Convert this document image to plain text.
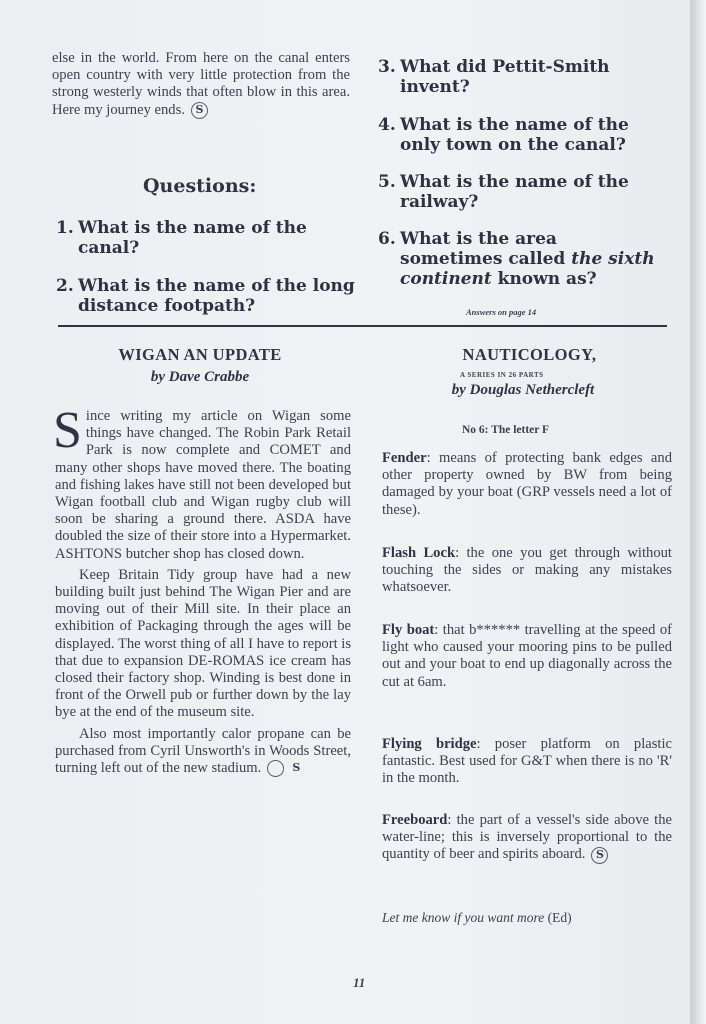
else in the world. From here on the canal enters open country with very little protection from the strong westerly winds that often blow in this area. Here my journey ends. S

Questions:
1. What is the name of the canal?
2. What is the name of the long distance footpath?
3. What did Pettit-Smith invent?
4. What is the name of the only town on the canal?
5. What is the name of the railway?
6. What is the area sometimes called the sixth continent known as?
Answers on page 14
WIGAN AN UPDATE
by Dave Crabbe

Since writing my article on Wigan some things have changed. The Robin Park Retail Park is now complete and COMET and many other shops have moved there. The boating and fishing lakes have still not been developed but Wigan football club and Wigan rugby club will soon be sharing a ground there. ASDA have doubled the size of their store into a Hypermarket. ASHTONS butcher shop has closed down.

Keep Britain Tidy group have had a new building built just behind The Wigan Pier and are moving out of their Mill site. In their place an exhibition of Packaging through the ages will be displayed. The worst thing of all I have to report is that due to expansion DE-ROMAS ice cream has closed their factory shop. Winding is best done in front of the Orwell pub or further down by the lay bye at the end of the museum site.

Also most importantly calor propane can be purchased from Cyril Unsworth's in Woods Street, turning left out of the new stadium.	S

NAUTICOLOGY,
A SERIES IN 26 PARTS
by Douglas Nethercleft
No 6: The letter F

Fender: means of protecting bank edges and other property owned by BW from being damaged by your boat (GRP vessels need a lot of these).

Flash Lock: the one you get through without touching the sides or making any mistakes whatsoever.

Fly boat: that b****** travelling at the speed of light who caused your mooring pins to be pulled out and your boat to end up diagonally across the cut at 6am.

Flying bridge: poser platform on plastic fantastic. Best used for G&T when there is no 'R' in the month.

Freeboard: the part of a vessel's side above the water-line; this is inversely proportional to the quantity of beer and spirits aboard. S

Let me know if you want more (Ed)
11
